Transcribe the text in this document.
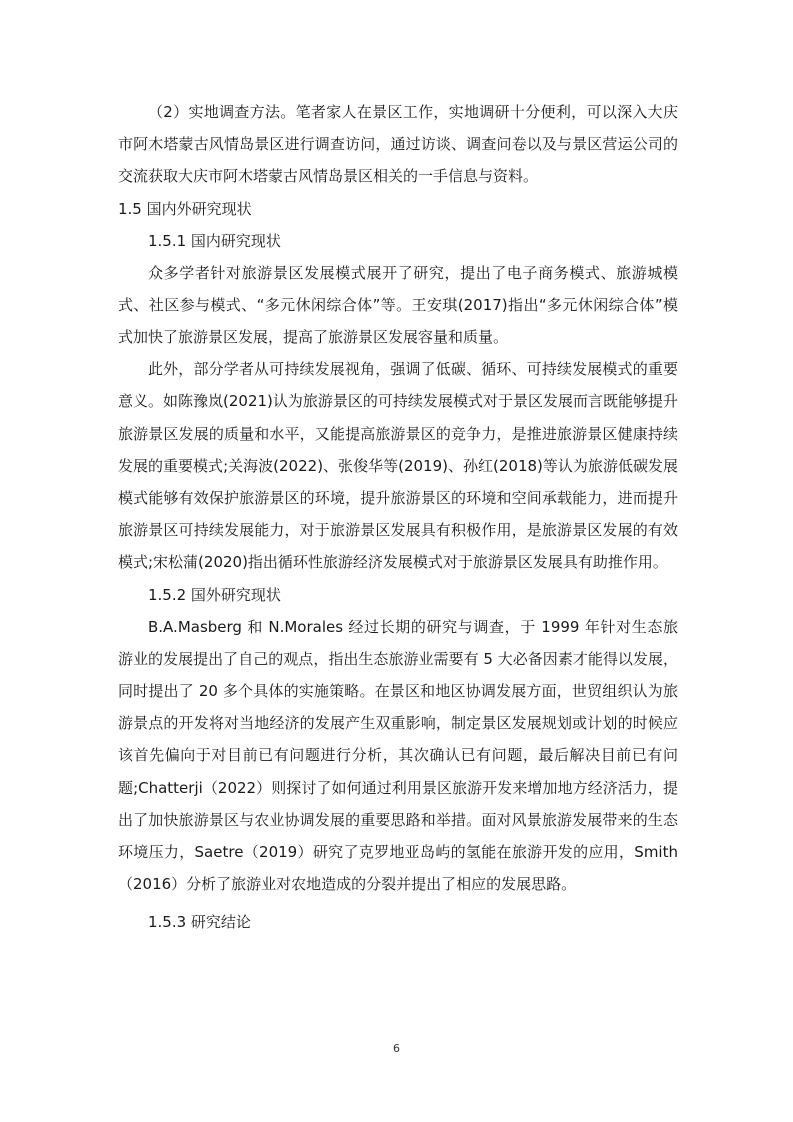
（2）实地调查方法。笔者家人在景区工作，实地调研十分便利，可以深入大庆市阿木塔蒙古风情岛景区进行调查访问，通过访谈、调查问卷以及与景区营运公司的交流获取大庆市阿木塔蒙古风情岛景区相关的一手信息与资料。

1.5 国内外研究现状
1.5.1 国内研究现状

众多学者针对旅游景区发展模式展开了研究，提出了电子商务模式、旅游城模式、社区参与模式、“多元休闲综合体”等。王安琪(2017)指出“多元休闲综合体”模式加快了旅游景区发展，提高了旅游景区发展容量和质量。

此外，部分学者从可持续发展视角，强调了低碳、循环、可持续发展模式的重要意义。如陈豫岚(2021)认为旅游景区的可持续发展模式对于景区发展而言既能够提升旅游景区发展的质量和水平，又能提高旅游景区的竞争力，是推进旅游景区健康持续发展的重要模式;关海波(2022)、张俊华等(2019)、孙红(2018)等认为旅游低碳发展模式能够有效保护旅游景区的环境，提升旅游景区的环境和空间承载能力，进而提升旅游景区可持续发展能力，对于旅游景区发展具有积极作用，是旅游景区发展的有效模式;宋松蒲(2020)指出循环性旅游经济发展模式对于旅游景区发展具有助推作用。

1.5.2 国外研究现状

B.A.Masberg 和 N.Morales 经过长期的研究与调查，于 1999 年针对生态旅游业的发展提出了自己的观点，指出生态旅游业需要有 5 大必备因素才能得以发展，同时提出了 20 多个具体的实施策略。在景区和地区协调发展方面，世贸组织认为旅游景点的开发将对当地经济的发展产生双重影响，制定景区发展规划或计划的时候应该首先偏向于对目前已有问题进行分析，其次确认已有问题，最后解决目前已有问题;Chatterji（2022）则探讨了如何通过利用景区旅游开发来增加地方经济活力，提出了加快旅游景区与农业协调发展的重要思路和举措。面对风景旅游发展带来的生态环境压力，Saetre（2019）研究了克罗地亚岛屿的氢能在旅游开发的应用，Smith（2016）分析了旅游业对农地造成的分裂并提出了相应的发展思路。

1.5.3 研究结论
6
